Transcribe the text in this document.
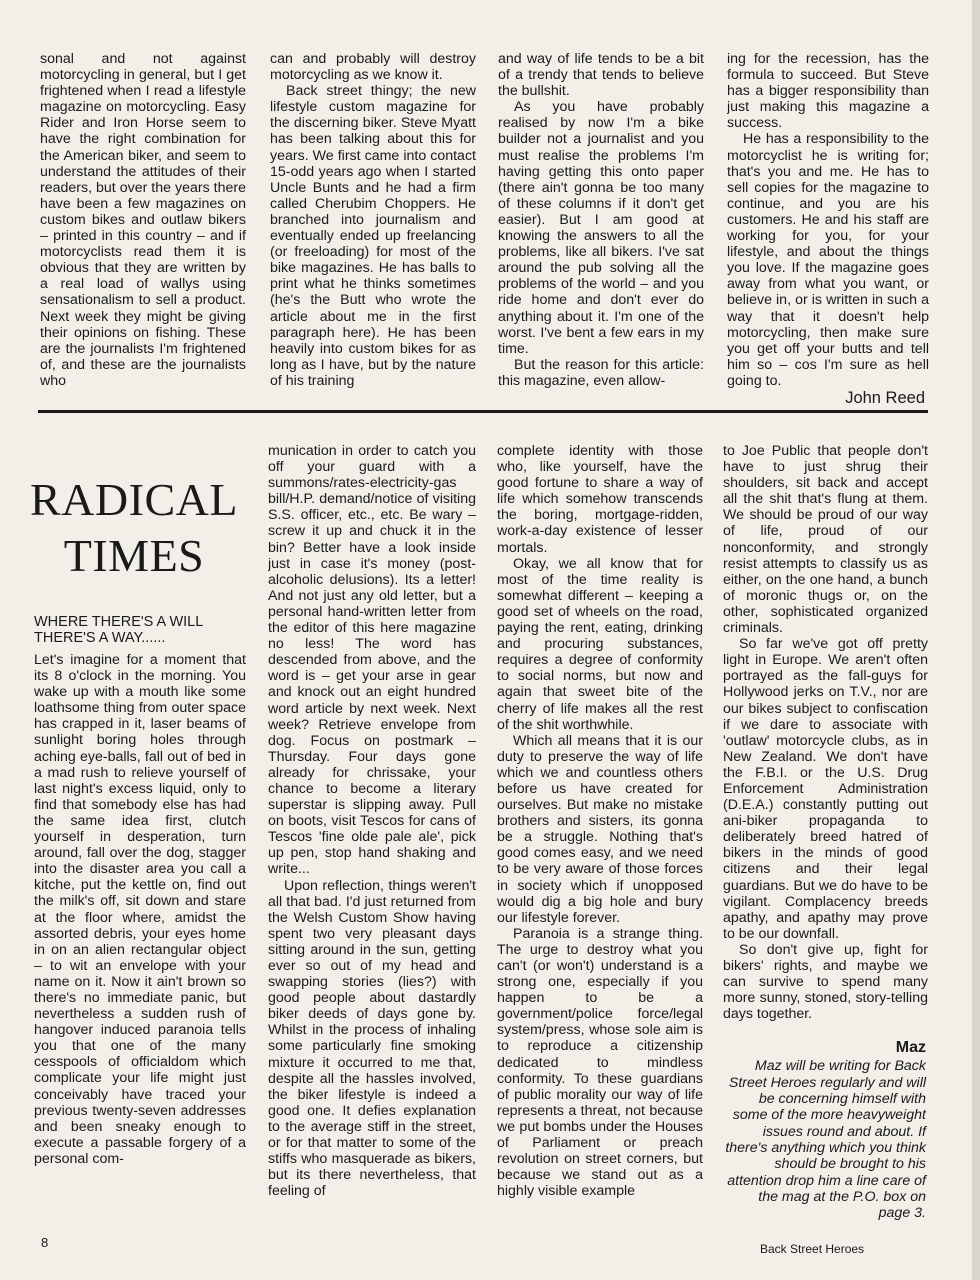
sonal and not against motorcycling in general, but I get frightened when I read a lifestyle magazine on motorcycling. Easy Rider and Iron Horse seem to have the right combination for the American biker, and seem to understand the attitudes of their readers, but over the years there have been a few magazines on custom bikes and outlaw bikers – printed in this country – and if motorcyclists read them it is obvious that they are written by a real load of wallys using sensationalism to sell a product. Next week they might be giving their opinions on fishing. These are the journalists I'm frightened of, and these are the journalists who

can and probably will destroy motorcycling as we know it.

Back street thingy; the new lifestyle custom magazine for the discerning biker. Steve Myatt has been talking about this for years. We first came into contact 15-odd years ago when I started Uncle Bunts and he had a firm called Cherubim Choppers. He branched into journalism and eventually ended up freelancing (or freeloading) for most of the bike magazines. He has balls to print what he thinks sometimes (he's the Butt who wrote the article about me in the first paragraph here). He has been heavily into custom bikes for as long as I have, but by the nature of his training

and way of life tends to be a bit of a trendy that tends to believe the bullshit.

As you have probably realised by now I'm a bike builder not a journalist and you must realise the problems I'm having getting this onto paper (there ain't gonna be too many of these columns if it don't get easier). But I am good at knowing the answers to all the problems, like all bikers. I've sat around the pub solving all the problems of the world – and you ride home and don't ever do anything about it. I'm one of the worst. I've bent a few ears in my time.

But the reason for this article: this magazine, even allow-

ing for the recession, has the formula to succeed. But Steve has a bigger responsibility than just making this magazine a success.

He has a responsibility to the motorcyclist he is writing for; that's you and me. He has to sell copies for the magazine to continue, and you are his customers. He and his staff are working for you, for your lifestyle, and about the things you love. If the magazine goes away from what you want, or believe in, or is written in such a way that it doesn't help motorcycling, then make sure you get off your butts and tell him so – cos I'm sure as hell going to.

John Reed
RADICAL
TIMES
WHERE THERE'S A WILL THERE'S A WAY......

Let's imagine for a moment that its 8 o'clock in the morning. You wake up with a mouth like some loathsome thing from outer space has crapped in it, laser beams of sunlight boring holes through aching eye-balls, fall out of bed in a mad rush to relieve yourself of last night's excess liquid, only to find that somebody else has had the same idea first, clutch yourself in desperation, turn around, fall over the dog, stagger into the disaster area you call a kitche, put the kettle on, find out the milk's off, sit down and stare at the floor where, amidst the assorted debris, your eyes home in on an alien rectangular object – to wit an envelope with your name on it. Now it ain't brown so there's no immediate panic, but nevertheless a sudden rush of hangover induced paranoia tells you that one of the many cesspools of officialdom which complicate your life might just conceivably have traced your previous twenty-seven addresses and been sneaky enough to execute a passable forgery of a personal com-

munication in order to catch you off your guard with a summons/rates-electricity-gas bill/H.P. demand/notice of visiting S.S. officer, etc., etc. Be wary – screw it up and chuck it in the bin? Better have a look inside just in case it's money (post-alcoholic delusions). Its a letter! And not just any old letter, but a personal hand-written letter from the editor of this here magazine no less! The word has descended from above, and the word is – get your arse in gear and knock out an eight hundred word article by next week. Next week? Retrieve envelope from dog. Focus on postmark – Thursday. Four days gone already for chrissake, your chance to become a literary superstar is slipping away. Pull on boots, visit Tescos for cans of Tescos 'fine olde pale ale', pick up pen, stop hand shaking and write...

Upon reflection, things weren't all that bad. I'd just returned from the Welsh Custom Show having spent two very pleasant days sitting around in the sun, getting ever so out of my head and swapping stories (lies?) with good people about dastardly biker deeds of days gone by. Whilst in the process of inhaling some particularly fine smoking mixture it occurred to me that, despite all the hassles involved, the biker lifestyle is indeed a good one. It defies explanation to the average stiff in the street, or for that matter to some of the stiffs who masquerade as bikers, but its there nevertheless, that feeling of

complete identity with those who, like yourself, have the good fortune to share a way of life which somehow transcends the boring, mortgage-ridden, work-a-day existence of lesser mortals.

Okay, we all know that for most of the time reality is somewhat different – keeping a good set of wheels on the road, paying the rent, eating, drinking and procuring substances, requires a degree of conformity to social norms, but now and again that sweet bite of the cherry of life makes all the rest of the shit worthwhile.

Which all means that it is our duty to preserve the way of life which we and countless others before us have created for ourselves. But make no mistake brothers and sisters, its gonna be a struggle. Nothing that's good comes easy, and we need to be very aware of those forces in society which if unopposed would dig a big hole and bury our lifestyle forever.

Paranoia is a strange thing. The urge to destroy what you can't (or won't) understand is a strong one, especially if you happen to be a government/police force/legal system/press, whose sole aim is to reproduce a citizenship dedicated to mindless conformity. To these guardians of public morality our way of life represents a threat, not because we put bombs under the Houses of Parliament or preach revolution on street corners, but because we stand out as a highly visible example

to Joe Public that people don't have to just shrug their shoulders, sit back and accept all the shit that's flung at them. We should be proud of our way of life, proud of our nonconformity, and strongly resist attempts to classify us as either, on the one hand, a bunch of moronic thugs or, on the other, sophisticated organized criminals.

So far we've got off pretty light in Europe. We aren't often portrayed as the fall-guys for Hollywood jerks on T.V., nor are our bikes subject to confiscation if we dare to associate with 'outlaw' motorcycle clubs, as in New Zealand. We don't have the F.B.I. or the U.S. Drug Enforcement Administration (D.E.A.) constantly putting out ani-biker propaganda to deliberately breed hatred of bikers in the minds of good citizens and their legal guardians. But we do have to be vigilant. Complacency breeds apathy, and apathy may prove to be our downfall.

So don't give up, fight for bikers' rights, and maybe we can survive to spend many more sunny, stoned, story-telling days together.

Maz
Maz will be writing for Back Street Heroes regularly and will be concerning himself with some of the more heavyweight issues round and about. If there's anything which you think should be brought to his attention drop him a line care of the mag at the P.O. box on page 3.
8	Back Street Heroes
